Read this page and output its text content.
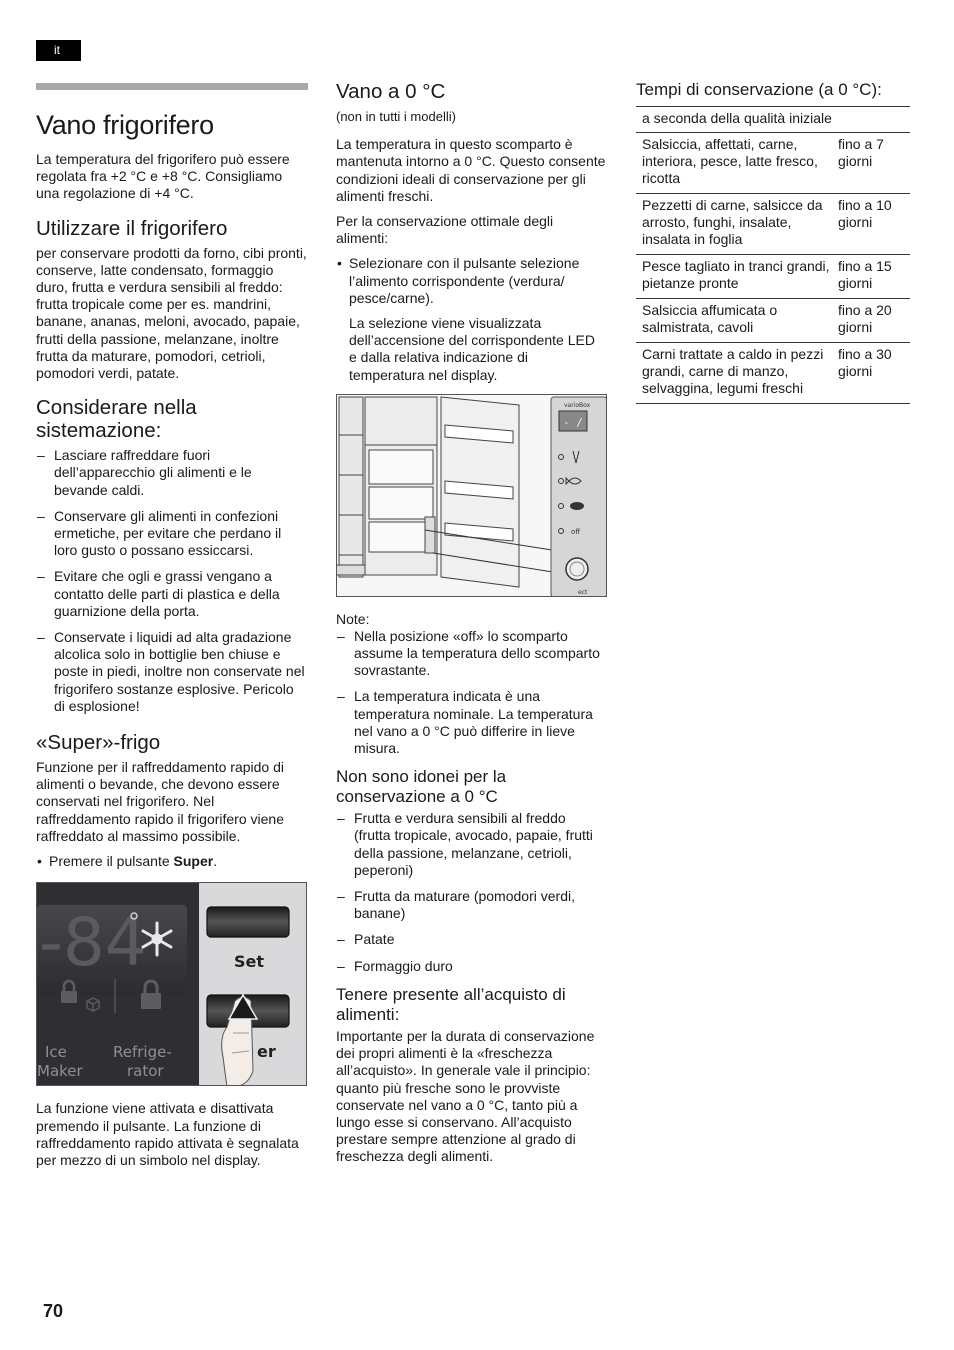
it
Vano frigorifero

La temperatura del frigorifero può essere regolata fra +2 °C e +8 °C. Consigliamo una regolazione di +4 °C.

Utilizzare il frigorifero

per conservare prodotti da forno, cibi pronti, conserve, latte condensato, formaggio duro, frutta e verdura sensibili al freddo: frutta tropicale come per es. mandrini, banane, ananas, meloni, avocado, papaie, frutti della passione, melanzane, inoltre frutta da maturare, pomodori, cetrioli, pomodori verdi, patate.

Considerare nella sistemazione:
– Lasciare raffreddare fuori dell’apparecchio gli alimenti e le bevande caldi.
– Conservare gli alimenti in confezioni ermetiche, per evitare che perdano il loro gusto o possano essiccarsi.
– Evitare che ogli e grassi vengano a contatto delle parti di plastica e della guarnizione della porta.
– Conservate i liquidi ad alta gradazione alcolica solo in bottiglie ben chiuse e poste in piedi, inoltre non conservate nel frigorifero sostanze esplosive. Pericolo di esplosione!
«Super»-frigo

Funzione per il raffreddamento rapido di alimenti o bevande, che devono essere conservati nel frigorifero. Nel raffreddamento rapido il frigorifero viene raffreddato al massimo possibile.

• Premere il pulsante Super.
-84
Ice
Maker
Refrige-
rator
Set
er

La funzione viene attivata e disattivata premendo il pulsante. La funzione di raffreddamento rapido attivata è segnalata per mezzo di un simbolo nel display.

Vano a 0 °C

(non in tutti i modelli)

La temperatura in questo scomparto è mantenuta intorno a 0 °C. Questo consente condizioni ideali di conservazione per gli alimenti freschi.

Per la conservazione ottimale degli alimenti:

• Selezionare con il pulsante selezione l’alimento corrispondente (verdura/ pesce/carne).

La selezione viene visualizzata dell’accensione del corrispondente LED e dalla relativa indicazione di temperatura nel display.

varioBox
- /
off
ect
Note:
– Nella posizione «off» lo scomparto assume la temperatura dello scomparto sovrastante.
– La temperatura indicata è una temperatura nominale. La temperatura nel vano a 0 °C può differire in lieve misura.
Non sono idonei per la conservazione a 0 °C
– Frutta e verdura sensibili al freddo (frutta tropicale, avocado, papaie, frutti della passione, melanzane, cetrioli, peperoni)
– Frutta da maturare (pomodori verdi, banane)
– Patate
– Formaggio duro
Tenere presente all’acquisto di alimenti:

Importante per la durata di conservazione dei propri alimenti è la «freschezza all’acquisto». In generale vale il principio: quanto più fresche sono le provviste conservate nel vano a 0 °C, tanto più a lungo esse si conservano. All’acquisto prestare sempre attenzione al grado di freschezza degli alimenti.

Tempi di conservazione (a 0 °C):
a seconda della qualità iniziale	
Salsiccia, affettati, carne, interiora, pesce, latte fresco, ricotta	fino a 7 giorni
Pezzetti di carne, salsicce da arrosto, funghi, insalate, insalata in foglia	fino a 10 giorni
Pesce tagliato in tranci grandi, pietanze pronte	fino a 15 giorni
Salsiccia affumicata o salmistrata, cavoli	fino a 20 giorni
Carni trattate a caldo in pezzi grandi, carne di manzo, selvaggina, legumi freschi	fino a 30 giorni
70
